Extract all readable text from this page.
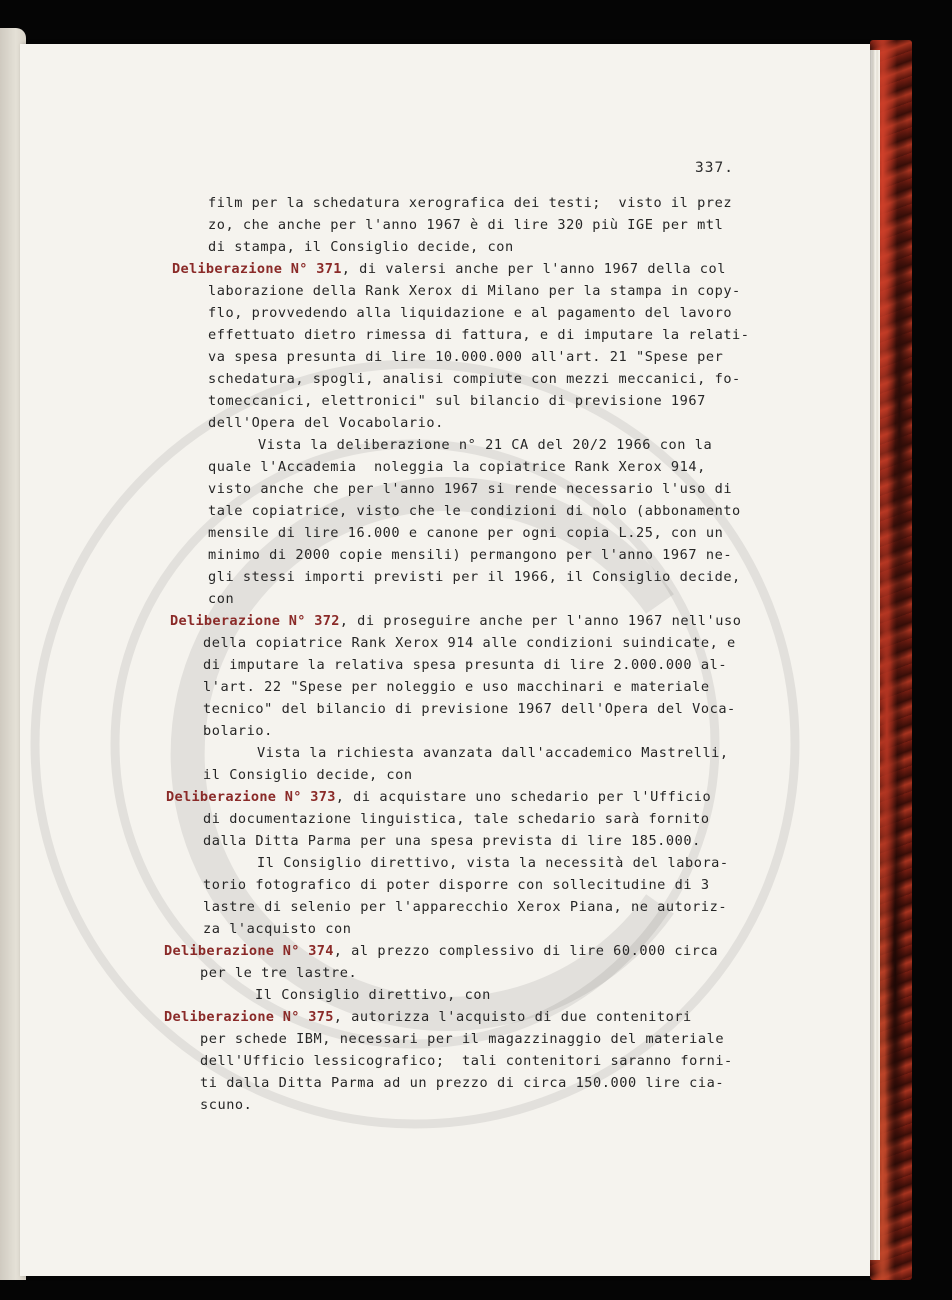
337.
film per la schedatura xerografica dei testi;  visto il prez
zo, che anche per l'anno 1967 è di lire 320 più IGE per mtl
di stampa, il Consiglio decide, con
Deliberazione N° 371, di valersi anche per l'anno 1967 della col
laborazione della Rank Xerox di Milano per la stampa in copy-
flo, provvedendo alla liquidazione e al pagamento del lavoro
effettuato dietro rimessa di fattura, e di imputare la relati-
va spesa presunta di lire 10.000.000 all'art. 21 "Spese per
schedatura, spogli, analisi compiute con mezzi meccanici, fo-
tomeccanici, elettronici" sul bilancio di previsione 1967
dell'Opera del Vocabolario.
Vista la deliberazione n° 21 CA del 20/2 1966 con la
quale l'Accademia  noleggia la copiatrice Rank Xerox 914,
visto anche che per l'anno 1967 si rende necessario l'uso di
tale copiatrice, visto che le condizioni di nolo (abbonamento
mensile di lire 16.000 e canone per ogni copia L.25, con un
minimo di 2000 copie mensili) permangono per l'anno 1967 ne-
gli stessi importi previsti per il 1966, il Consiglio decide,
con
Deliberazione N° 372, di proseguire anche per l'anno 1967 nell'uso
della copiatrice Rank Xerox 914 alle condizioni suindicate, e
di imputare la relativa spesa presunta di lire 2.000.000 al-
l'art. 22 "Spese per noleggio e uso macchinari e materiale
tecnico" del bilancio di previsione 1967 dell'Opera del Voca-
bolario.
Vista la richiesta avanzata dall'accademico Mastrelli,
il Consiglio decide, con
Deliberazione N° 373, di acquistare uno schedario per l'Ufficio
di documentazione linguistica, tale schedario sarà fornito
dalla Ditta Parma per una spesa prevista di lire 185.000.
Il Consiglio direttivo, vista la necessità del labora-
torio fotografico di poter disporre con sollecitudine di 3
lastre di selenio per l'apparecchio Xerox Piana, ne autoriz-
za l'acquisto con
Deliberazione N° 374, al prezzo complessivo di lire 60.000 circa
per le tre lastre.
Il Consiglio direttivo, con
Deliberazione N° 375, autorizza l'acquisto di due contenitori
per schede IBM, necessari per il magazzinaggio del materiale
dell'Ufficio lessicografico;  tali contenitori saranno forni-
ti dalla Ditta Parma ad un prezzo di circa 150.000 lire cia-
scuno.
